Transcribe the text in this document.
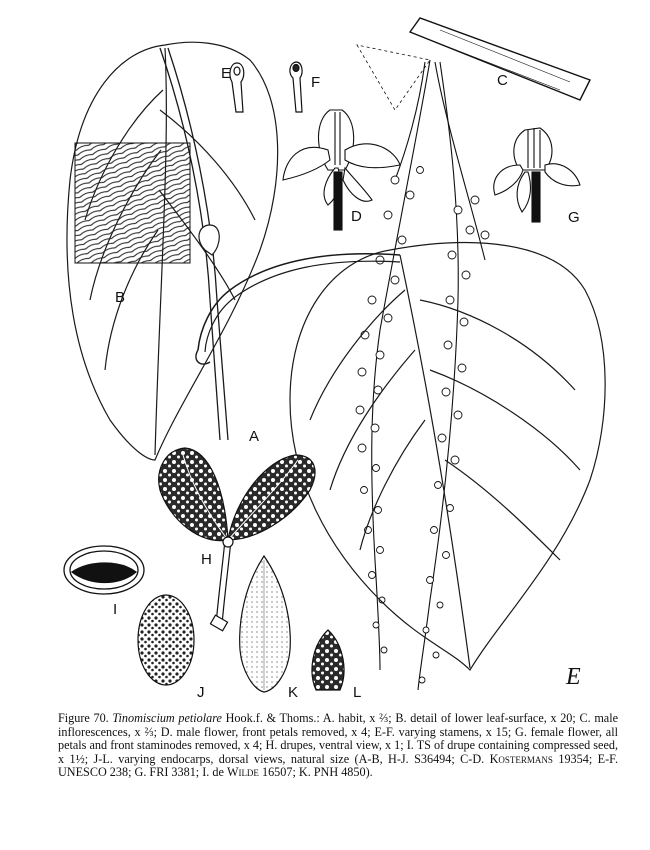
E
F	C
B
D	G
A
H
I
J	K	L
E
Figure 70. Tinomiscium petiolare Hook.f. & Thoms.: A. habit, x ⅔; B. detail of lower leaf-surface, x 20; C. male inflorescences, x ⅔; D. male flower, front petals removed, x 4; E-F. varying stamens, x 15; G. female flower, all petals and front staminodes removed, x 4; H. drupes, ventral view, x 1; I. TS of drupe containing compressed seed, x 1½; J-L. varying endocarps, dorsal views, natural size (A-B, H-J. S36494; C-D. Kostermans 19354; E-F. UNESCO 238; G. FRI 3381; I. de Wilde 16507; K. PNH 4850).
